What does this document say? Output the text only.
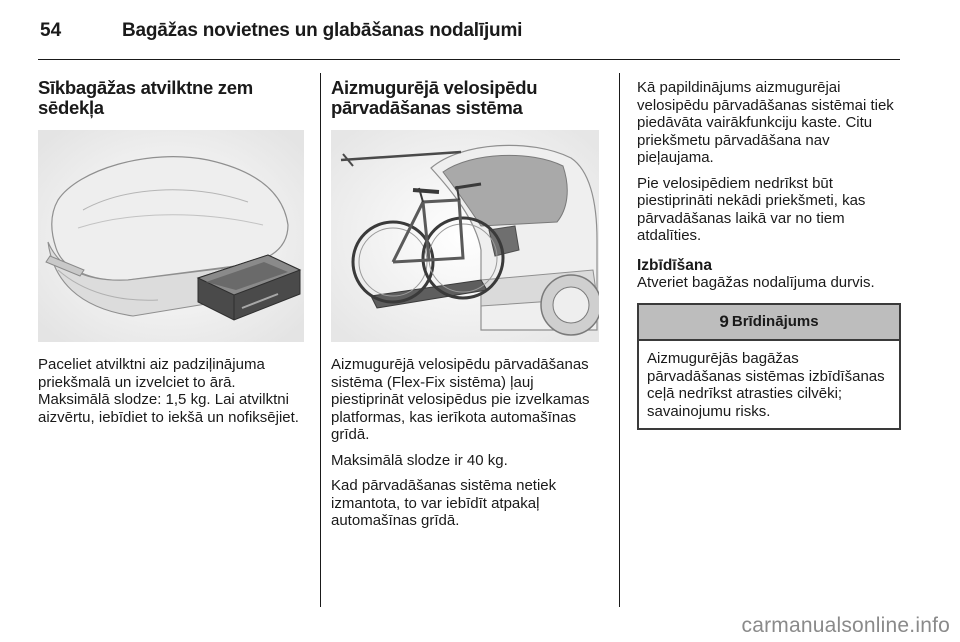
54	Bagāžas novietnes un glabāšanas nodalījumi
Sīkbagāžas atvilktne zem sēdekļa

Paceliet atvilktni aiz padziļinājuma priekšmalā un izvelciet to ārā. Maksimālā slodze: 1,5 kg. Lai atvilktni aizvērtu, iebīdiet to iekšā un nofiksējiet.

Aizmugurējā velosipēdu pārvadāšanas sistēma

Aizmugurējā velosipēdu pārvadāšanas sistēma (Flex-Fix sistēma) ļauj piestiprināt velosipēdus pie izvelkamas platformas, kas ierīkota automašīnas grīdā.

Maksimālā slodze ir 40 kg.

Kad pārvadāšanas sistēma netiek izmantota, to var iebīdīt atpakaļ automašīnas grīdā.

Kā papildinājums aizmugurējai velosipēdu pārvadāšanas sistēmai tiek piedāvāta vairākfunkciju kaste. Citu priekšmetu pārvadāšana nav pieļaujama.

Pie velosipēdiem nedrīkst būt piestiprināti nekādi priekšmeti, kas pārvadāšanas laikā var no tiem atdalīties.

Izbīdīšana

Atveriet bagāžas nodalījuma durvis.

9 Brīdinājums
Aizmugurējās bagāžas pārvadāšanas sistēmas izbīdīšanas ceļā nedrīkst atrasties cilvēki; savainojumu risks.
carmanualsonline.info
